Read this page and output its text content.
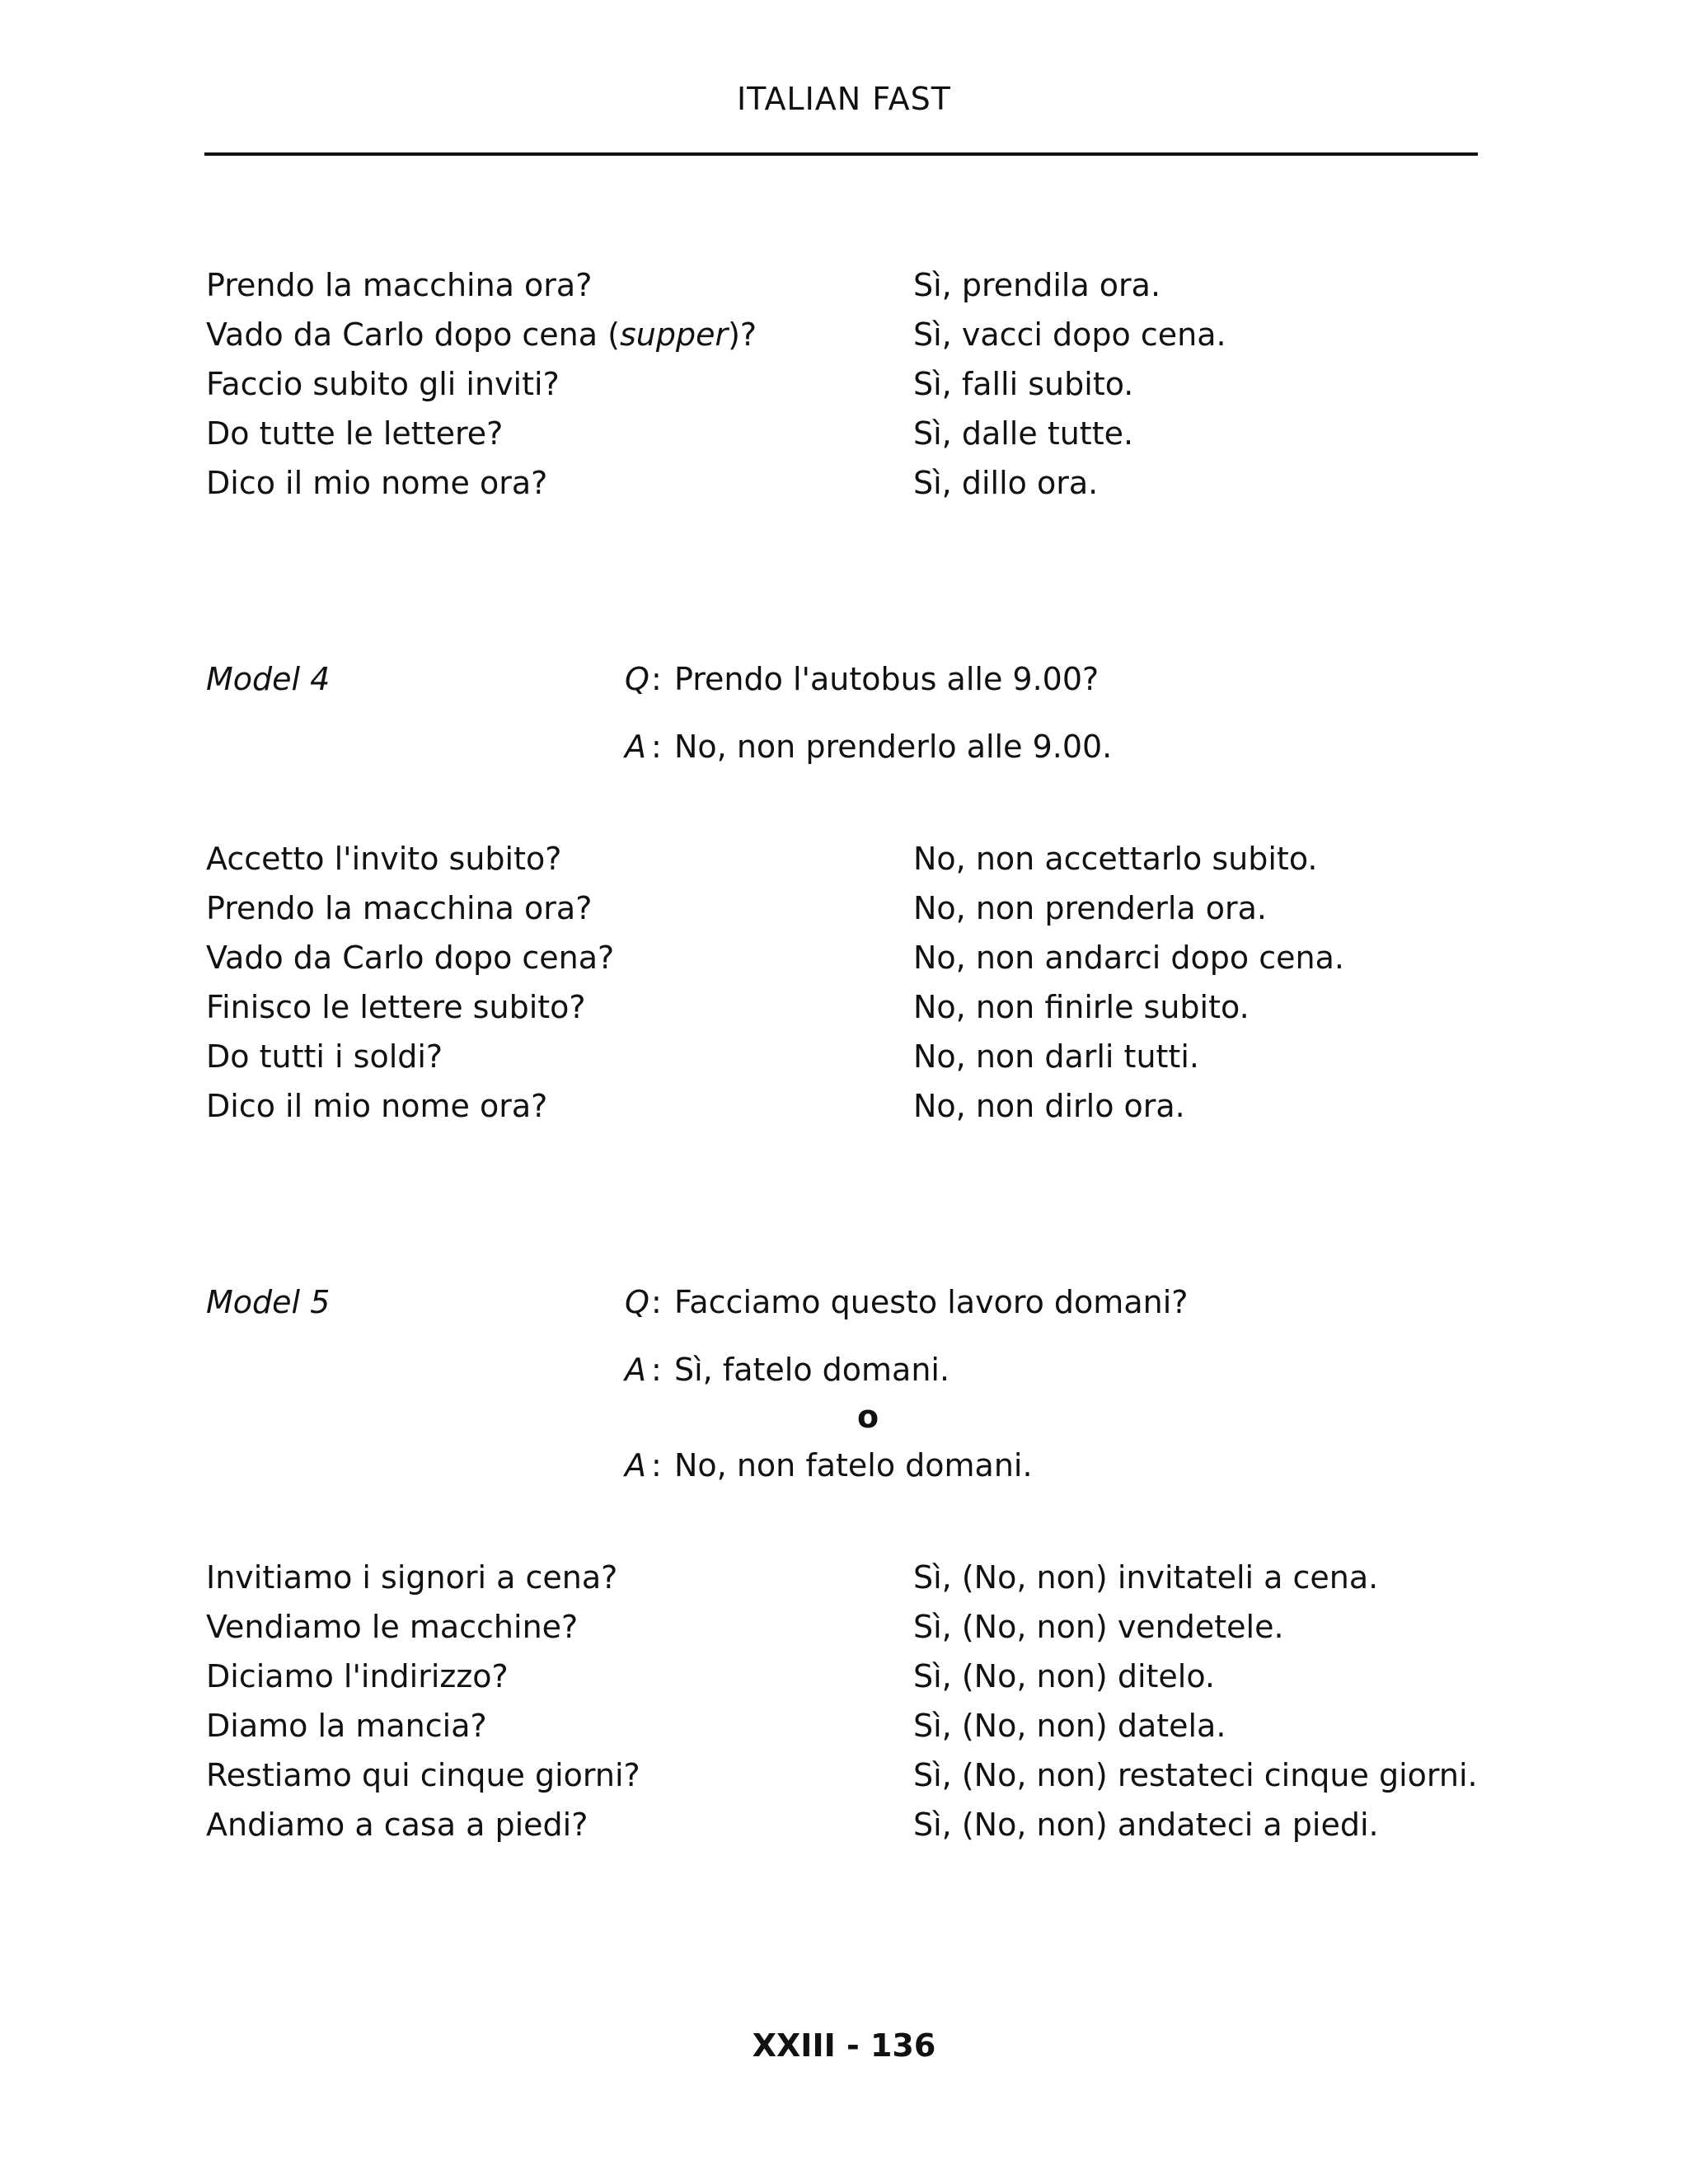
ITALIAN FAST
Prendo la macchina ora?
Vado da Carlo dopo cena (supper)?
Faccio subito gli inviti?
Do tutte le lettere?
Dico il mio nome ora?
Sì, prendila ora.
Sì, vacci dopo cena.
Sì, falli subito.
Sì, dalle tutte.
Sì, dillo ora.
Model 4	Q : Prendo l'autobus alle 9.00?
A : No, non prenderlo alle 9.00.
Accetto l'invito subito?
Prendo la macchina ora?
Vado da Carlo dopo cena?
Finisco le lettere subito?
Do tutti i soldi?
Dico il mio nome ora?
No, non accettarlo subito.
No, non prenderla ora.
No, non andarci dopo cena.
No, non finirle subito.
No, non darli tutti.
No, non dirlo ora.
Model 5	Q : Facciamo questo lavoro domani?
A : Sì, fatelo domani.
o
A : No, non fatelo domani.
Invitiamo i signori a cena?
Vendiamo le macchine?
Diciamo l'indirizzo?
Diamo la mancia?
Restiamo qui cinque giorni?
Andiamo a casa a piedi?
Sì, (No, non) invitateli a cena.
Sì, (No, non) vendetele.
Sì, (No, non) ditelo.
Sì, (No, non) datela.
Sì, (No, non) restateci cinque giorni.
Sì, (No, non) andateci a piedi.
XXIII - 136
